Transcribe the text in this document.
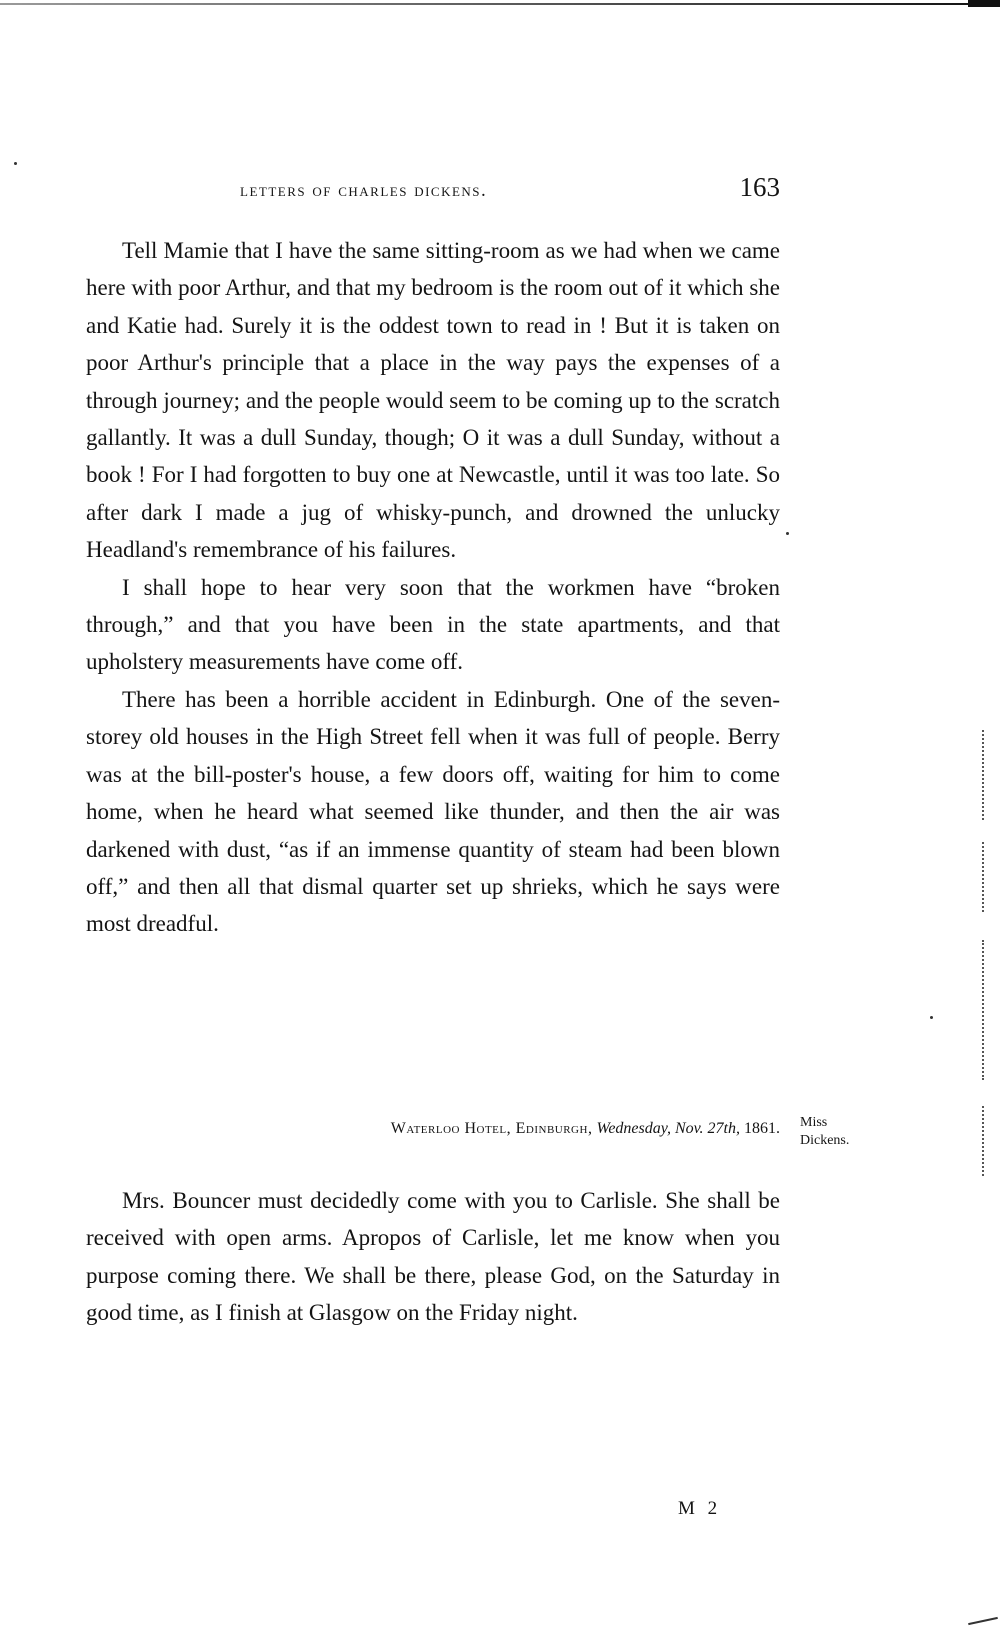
letters of charles dickens.	163

Tell Mamie that I have the same sitting-room as we had when we came here with poor Arthur, and that my bedroom is the room out of it which she and Katie had. Surely it is the oddest town to read in ! But it is taken on poor Arthur's principle that a place in the way pays the expenses of a through journey; and the people would seem to be coming up to the scratch gallantly. It was a dull Sunday, though; O it was a dull Sunday, without a book ! For I had forgotten to buy one at Newcastle, until it was too late. So after dark I made a jug of whisky-punch, and drowned the unlucky Headland's remembrance of his failures.

I shall hope to hear very soon that the workmen have “broken through,” and that you have been in the state apartments, and that upholstery measurements have come off.

There has been a horrible accident in Edinburgh. One of the seven-storey old houses in the High Street fell when it was full of people. Berry was at the bill-poster's house, a few doors off, waiting for him to come home, when he heard what seemed like thunder, and then the air was darkened with dust, “as if an immense quantity of steam had been blown off,” and then all that dismal quarter set up shrieks, which he says were most dreadful.

Waterloo Hotel, Edinburgh, Wednesday, Nov. 27th, 1861. Miss
Dickens.

Mrs. Bouncer must decidedly come with you to Carlisle. She shall be received with open arms. Apropos of Carlisle, let me know when you purpose coming there. We shall be there, please God, on the Saturday in good time, as I finish at Glasgow on the Friday night.

M 2
